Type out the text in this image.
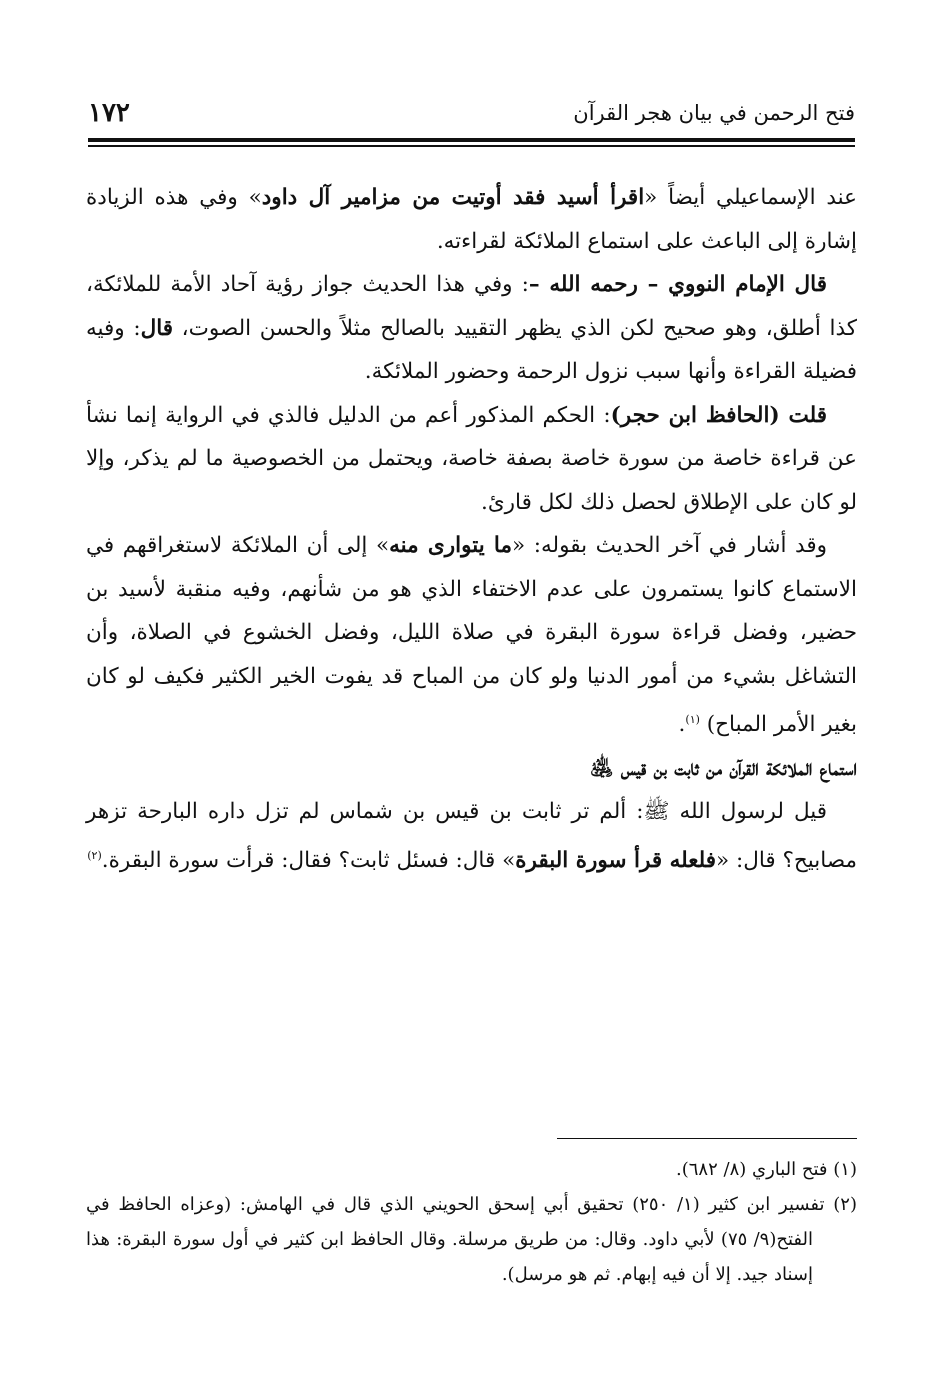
فتح الرحمن في بيان هجر القرآن
١٧٢

عند الإسماعيلي أيضاً «اقرأ أسيد فقد أوتيت من مزامير آل داود» وفي هذه الزيادة إشارة إلى الباعث على استماع الملائكة لقراءته.

قال الإمام النووي – رحمه الله –: وفي هذا الحديث جواز رؤية آحاد الأمة للملائكة، كذا أطلق، وهو صحيح لكن الذي يظهر التقييد بالصالح مثلاً والحسن الصوت، قال: وفيه فضيلة القراءة وأنها سبب نزول الرحمة وحضور الملائكة.

قلت (الحافظ ابن حجر): الحكم المذكور أعم من الدليل فالذي في الرواية إنما نشأ عن قراءة خاصة من سورة خاصة بصفة خاصة، ويحتمل من الخصوصية ما لم يذكر، وإلا لو كان على الإطلاق لحصل ذلك لكل قارئ.

وقد أشار في آخر الحديث بقوله: «ما يتوارى منه» إلى أن الملائكة لاستغراقهم في الاستماع كانوا يستمرون على عدم الاختفاء الذي هو من شأنهم، وفيه منقبة لأسيد بن حضير، وفضل قراءة سورة البقرة في صلاة الليل، وفضل الخشوع في الصلاة، وأن التشاغل بشيء من أمور الدنيا ولو كان من المباح قد يفوت الخير الكثير فكيف لو كان بغير الأمر المباح) $^{(١)}$.

استماع الملائكة القرآن من ثابت بن قيس ﵁

قيل لرسول الله ﷺ: ألم تر ثابت بن قيس بن شماس لم تزل داره البارحة تزهر مصابيح؟ قال: «فلعله قرأ سورة البقرة» قال: فسئل ثابت؟ فقال: قرأت سورة البقرة.$^{(٢)}$

(١) فتح الباري (٨/ ٦٨٢).

(٢) تفسير ابن كثير (١/ ٢٥٠) تحقيق أبي إسحق الحويني الذي قال في الهامش: (وعزاه الحافظ في الفتح(٩/ ٧٥) لأبي داود. وقال: من طريق مرسلة. وقال الحافظ ابن كثير في أول سورة البقرة: هذا إسناد جيد. إلا أن فيه إبهام. ثم هو مرسل).
